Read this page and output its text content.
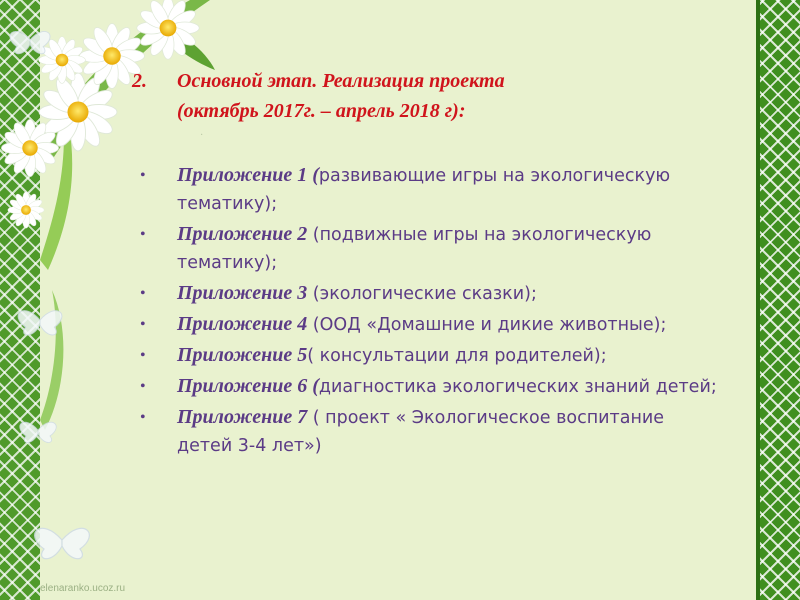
2.	Основной этап. Реализация проекта
(октябрь 2017г. – апрель 2018 г):
·
•	Приложение 1 (развивающие игры на экологическую тематику);
•	Приложение 2 (подвижные игры на экологическую тематику);
•	Приложение 3 (экологические сказки);
•	Приложение 4 (ООД «Домашние и дикие животные);
•	Приложение 5( консультации для родителей);
•	Приложение 6 (диагностика экологических знаний детей;
•	Приложение 7 ( проект « Экологическое воспитание детей 3-4 лет»)
elenaranko.ucoz.ru
